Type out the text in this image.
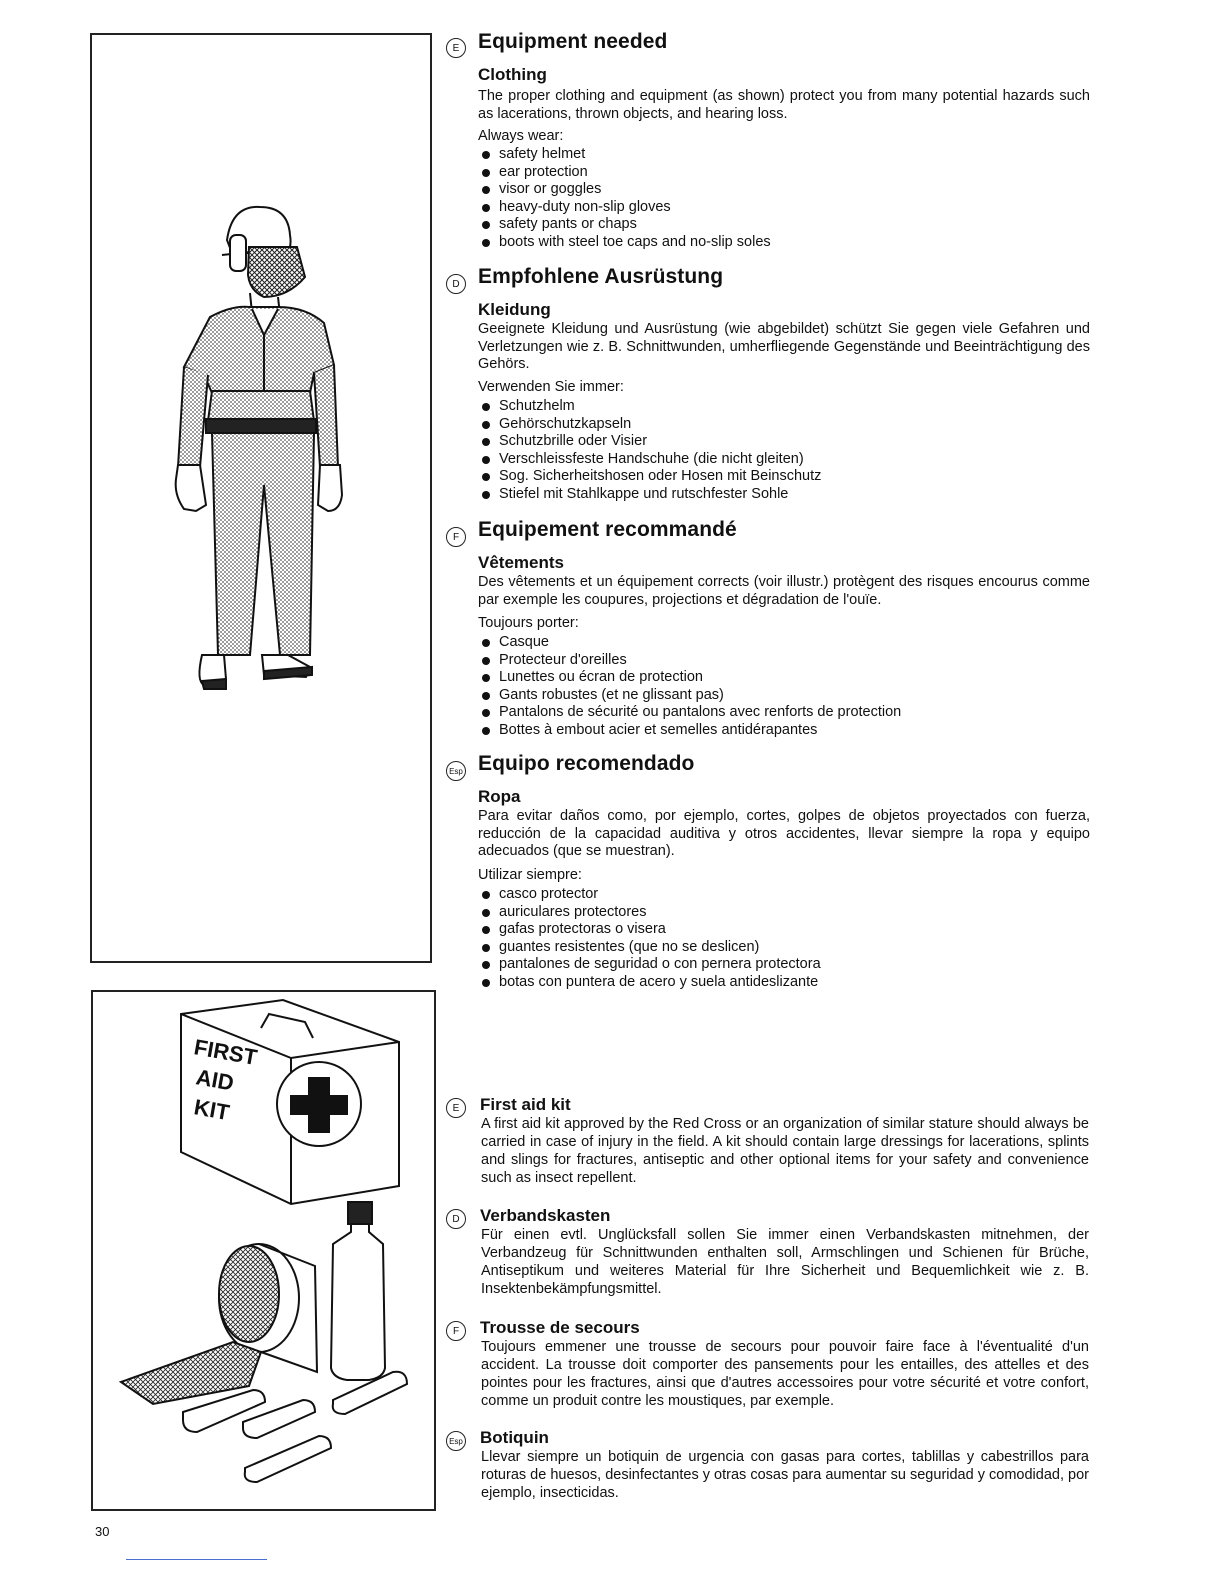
FIRST
AID
KIT
E Equipment needed
Clothing

The proper clothing and equipment (as shown) protect you from many potential hazards such as lacerations, thrown objects, and hearing loss.

Always wear:
safety helmet
ear protection
visor or goggles
heavy-duty non-slip gloves
safety pants or chaps
boots with steel toe caps and no-slip soles
D Empfohlene Ausrüstung
Kleidung

Geeignete Kleidung und Ausrüstung (wie abgebildet) schützt Sie gegen viele Gefahren und Verletzungen wie z. B. Schnittwunden, umherfliegende Gegenstände und Beeinträchtigung des Gehörs.

Verwenden Sie immer:
Schutzhelm
Gehörschutzkapseln
Schutzbrille oder Visier
Verschleissfeste Handschuhe (die nicht gleiten)
Sog. Sicherheitshosen oder Hosen mit Beinschutz
Stiefel mit Stahlkappe und rutschfester Sohle
F Equipement recommandé
Vêtements

Des vêtements et un équipement corrects (voir illustr.) protègent des risques encourus comme par exemple les coupures, projections et dégradation de l'ouïe.

Toujours porter:
Casque
Protecteur d'oreilles
Lunettes ou écran de protection
Gants robustes (et ne glissant pas)
Pantalons de sécurité ou pantalons avec renforts de protection
Bottes à embout acier et semelles antidérapantes
Esp Equipo recomendado
Ropa

Para evitar daños como, por ejemplo, cortes, golpes de objetos proyectados con fuerza, reducción de la capacidad auditiva y otros accidentes, llevar siempre la ropa y equipo adecuados (que se muestran).

Utilizar siempre:
casco protector
auriculares protectores
gafas protectoras o visera
guantes resistentes (que no se deslicen)
pantalones de seguridad o con pernera protectora
botas con puntera de acero y suela antideslizante
E	First aid kit

A first aid kit approved by the Red Cross or an organization of similar stature should always be carried in case of injury in the field. A kit should contain large dressings for lacerations, splints and slings for fractures, antiseptic and other optional items for your safety and convenience such as insect repellent.

D	Verbandskasten

Für einen evtl. Unglücksfall sollen Sie immer einen Verbandskasten mitnehmen, der Verbandzeug für Schnittwunden enthalten soll, Armschlingen und Schienen für Brüche, Antiseptikum und weiteres Material für Ihre Sicherheit und Bequemlichkeit wie z. B. Insektenbekämpfungsmittel.

F	Trousse de secours

Toujours emmener une trousse de secours pour pouvoir faire face à l'éventualité d'un accident. La trousse doit comporter des pansements pour les entailles, des attelles et des pointes pour les fractures, ainsi que d'autres accessoires pour votre sécurité et votre confort, comme un produit contre les moustiques, par exemple.

Esp Botiquin

Llevar siempre un botiquin de urgencia con gasas para cortes, tablillas y cabestrillos para roturas de huesos, desinfectantes y otras cosas para aumentar su seguridad y comodidad, por ejemplo, insecticidas.

30
